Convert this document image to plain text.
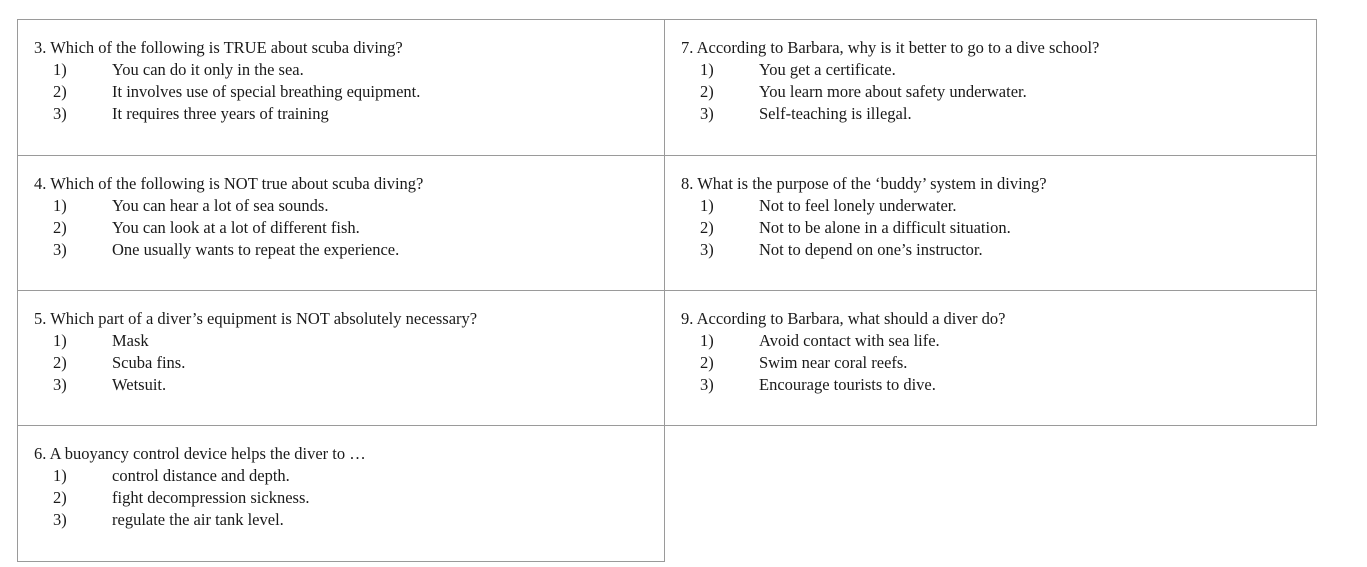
3. Which of the following is TRUE about scuba diving?

1)	You can do it only in the sea.
2)	It involves use of special breathing equipment.
3)	It requires three years of training

7. According to Barbara, why is it better to go to a dive school?

1)	You get a certificate.
2)	You learn more about safety underwater.
3)	Self-teaching is illegal.

4. Which of the following is NOT true about scuba diving?

1)	You can hear a lot of sea sounds.
2)	You can look at a lot of different fish.
3)	One usually wants to repeat the experience.

8. What is the purpose of the ‘buddy’ system in diving?

1)	Not to feel lonely underwater.
2)	Not to be alone in a difficult situation.
3)	Not to depend on one’s instructor.

5. Which part of a diver’s equipment is NOT absolutely necessary?

1)	Mask
2)	Scuba fins.
3)	Wetsuit.

9. According to Barbara, what should a diver do?

1)	Avoid contact with sea life.
2)	Swim near coral reefs.
3)	Encourage tourists to dive.

6. A buoyancy control device helps the diver to …

1)	control distance and depth.
2)	fight decompression sickness.
3)	regulate the air tank level.
